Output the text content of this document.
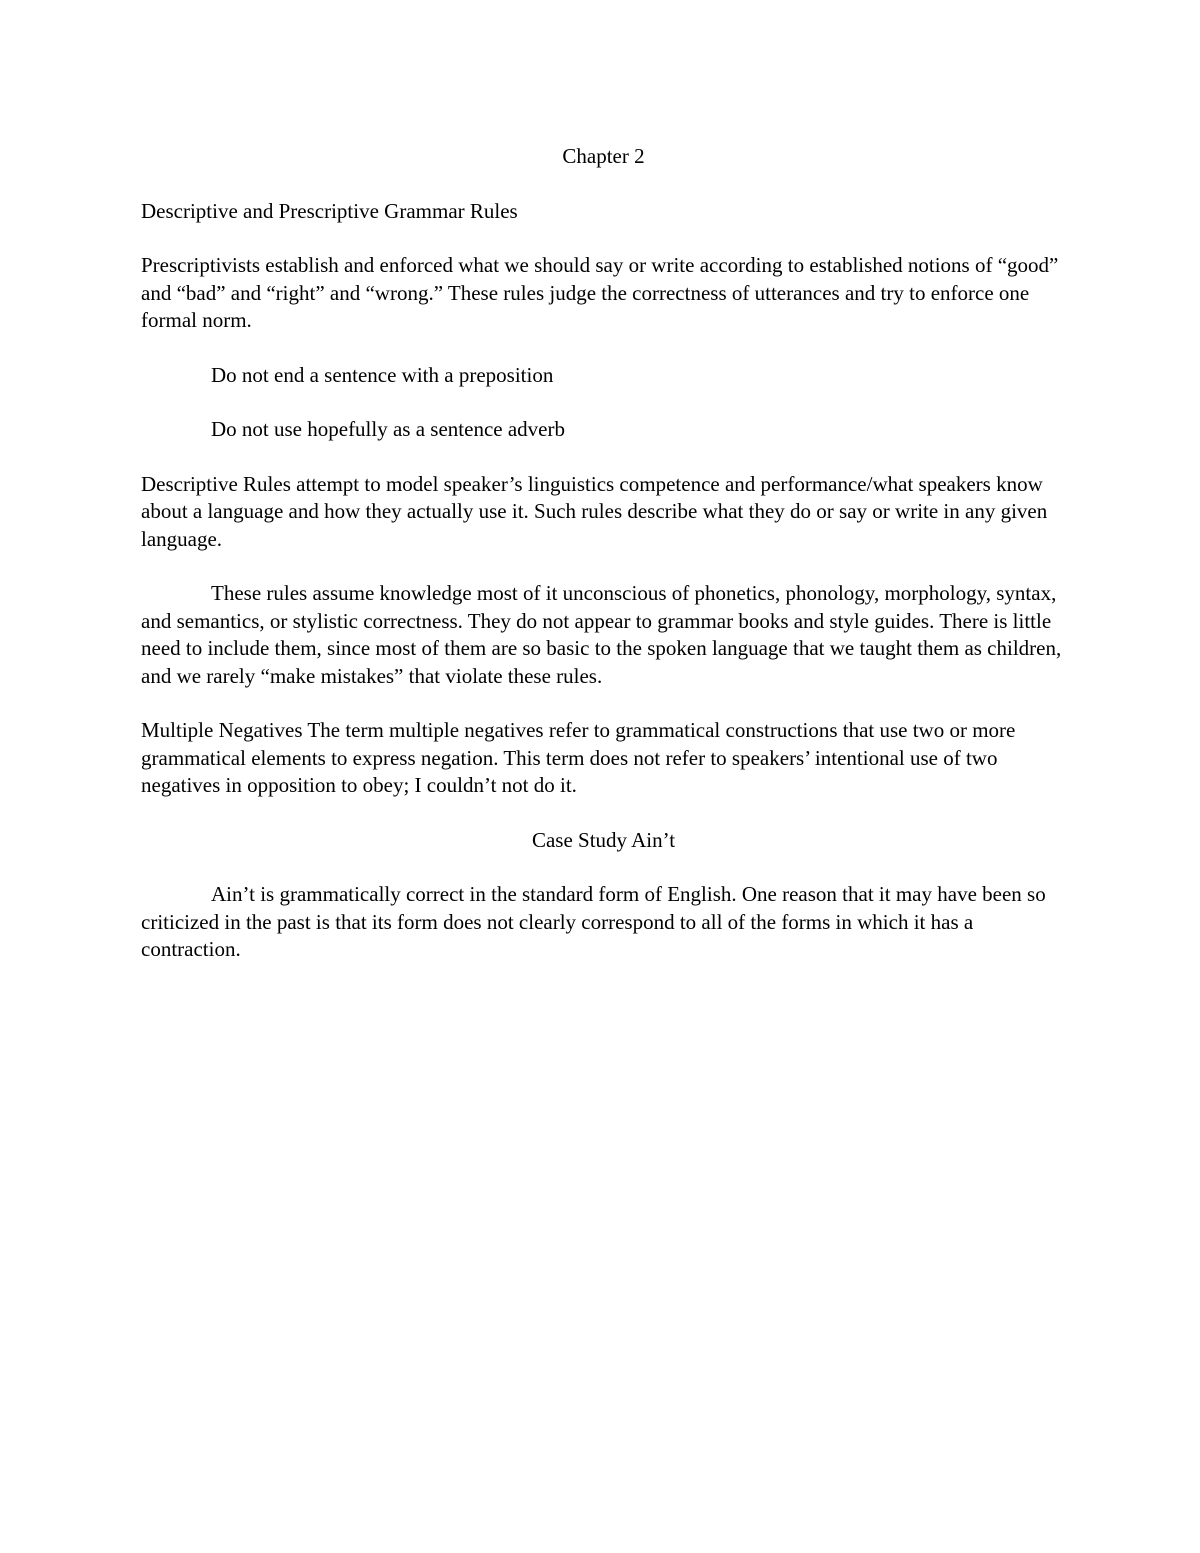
Chapter 2

Descriptive and Prescriptive Grammar Rules

Prescriptivists establish and enforced what we should say or write according to established notions of “good” and “bad” and “right” and “wrong.” These rules judge the correctness of utterances and try to enforce one formal norm.

Do not end a sentence with a preposition

Do not use hopefully as a sentence adverb

Descriptive Rules attempt to model speaker’s linguistics competence and performance/what speakers know about a language and how they actually use it. Such rules describe what they do or say or write in any given language.

These rules assume knowledge most of it unconscious of phonetics, phonology, morphology, syntax, and semantics, or stylistic correctness. They do not appear to grammar books and style guides. There is little need to include them, since most of them are so basic to the spoken language that we taught them as children, and we rarely “make mistakes” that violate these rules.

Multiple Negatives The term multiple negatives refer to grammatical constructions that use two or more grammatical elements to express negation. This term does not refer to speakers’ intentional use of two negatives in opposition to obey; I couldn’t not do it.

Case Study Ain’t

Ain’t is grammatically correct in the standard form of English. One reason that it may have been so criticized in the past is that its form does not clearly correspond to all of the forms in which it has a contraction.
